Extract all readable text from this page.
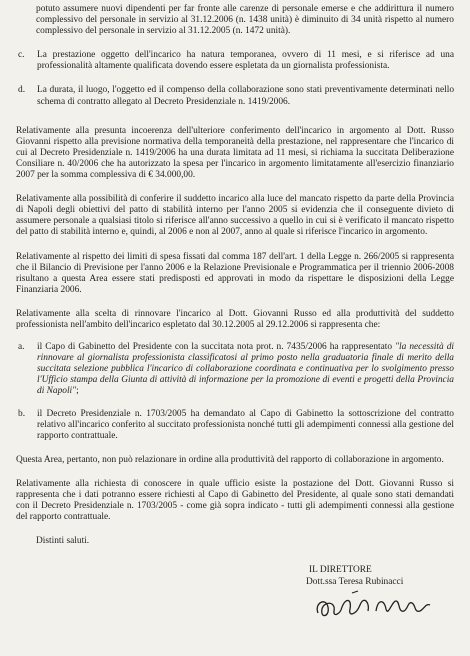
potuto assumere nuovi dipendenti per far fronte alle carenze di personale emerse e che addirittura il numero complessivo del personale in servizio al 31.12.2006 (n. 1438 unità) è diminuito di 34 unità rispetto al numero complessivo del personale in servizio al 31.12.2005 (n. 1472 unità).

c. La prestazione oggetto dell'incarico ha natura temporanea, ovvero di 11 mesi, e si riferisce ad una professionalità altamente qualificata dovendo essere espletata da un giornalista professionista.

d. La durata, il luogo, l'oggetto ed il compenso della collaborazione sono stati preventivamente determinati nello schema di contratto allegato al Decreto Presidenziale n. 1419/2006.

Relativamente alla presunta incoerenza dell'ulteriore conferimento dell'incarico in argomento al Dott. Russo Giovanni rispetto alla previsione normativa della temporaneità della prestazione, nel rappresentare che l'incarico di cui al Decreto Presidenziale n. 1419/2006 ha una durata limitata ad 11 mesi, si richiama la succitata Deliberazione Consiliare n. 40/2006 che ha autorizzato la spesa per l'incarico in argomento limitatamente all'esercizio finanziario 2007 per la somma complessiva di € 34.000,00.

Relativamente alla possibilità di conferire il suddetto incarico alla luce del mancato rispetto da parte della Provincia di Napoli degli obiettivi del patto di stabilità interno per l'anno 2005 si evidenzia che il conseguente divieto di assumere personale a qualsiasi titolo si riferisce all'anno successivo a quello in cui si è verificato il mancato rispetto del patto di stabilità interno e, quindi, al 2006 e non al 2007, anno al quale si riferisce l'incarico in argomento.

Relativamente al rispetto dei limiti di spesa fissati dal comma 187 dell'art. 1 della Legge n. 266/2005 si rappresenta che il Bilancio di Previsione per l'anno 2006 e la Relazione Previsionale e Programmatica per il triennio 2006-2008 risultano a questa Area essere stati predisposti ed approvati in modo da rispettare le disposizioni della Legge Finanziaria 2006.

Relativamente alla scelta di rinnovare l'incarico al Dott. Giovanni Russo ed alla produttività del suddetto professionista nell'ambito dell'incarico espletato dal 30.12.2005 al 29.12.2006 si rappresenta che:

a. il Capo di Gabinetto del Presidente con la succitata nota prot. n. 7435/2006 ha rappresentato "la necessità di rinnovare al giornalista professionista classificatosi al primo posto nella graduatoria finale di merito della succitata selezione pubblica l'incarico di collaborazione coordinata e continuativa per lo svolgimento presso l'Ufficio stampa della Giunta di attività di informazione per la promozione di eventi e progetti della Provincia di Napoli";

b. il Decreto Presidenziale n. 1703/2005 ha demandato al Capo di Gabinetto la sottoscrizione del contratto relativo all'incarico conferito al succitato professionista nonché tutti gli adempimenti connessi alla gestione del rapporto contrattuale.

Questa Area, pertanto, non può relazionare in ordine alla produttività del rapporto di collaborazione in argomento.

Relativamente alla richiesta di conoscere in quale ufficio esiste la postazione del Dott. Giovanni Russo si rappresenta che i dati potranno essere richiesti al Capo di Gabinetto del Presidente, al quale sono stati demandati con il Decreto Presidenziale n. 1703/2005 - come già sopra indicato - tutti gli adempimenti connessi alla gestione del rapporto contrattuale.

Distinti saluti.

IL DIRETTORE
Dott.ssa Teresa Rubinacci
